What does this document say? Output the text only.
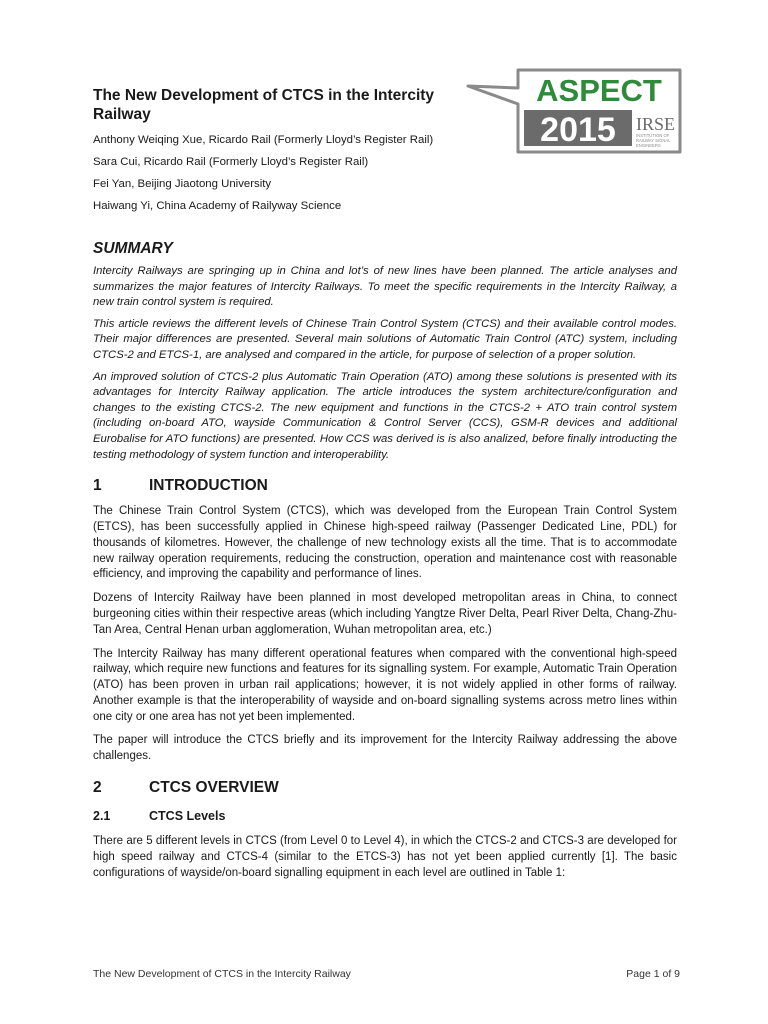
The New Development of CTCS in the Intercity Railway
Anthony Weiqing Xue, Ricardo Rail (Formerly Lloyd’s Register Rail)
Sara Cui, Ricardo Rail (Formerly Lloyd’s Register Rail)
Fei Yan, Beijing Jiaotong University
Haiwang Yi, China Academy of Railyway Science
ASPECT
2015 IRSE
INSTITUTION OF
RAILWAY SIGNAL
ENGINEERS
SUMMARY

Intercity Railways are springing up in China and lot’s of new lines have been planned. The article analyses and summarizes the major features of Intercity Railways. To meet the specific requirements in the Intercity Railway, a new train control system is required.

This article reviews the different levels of Chinese Train Control System (CTCS) and their available control modes. Their major differences are presented. Several main solutions of Automatic Train Control (ATC) system, including CTCS-2 and ETCS-1, are analysed and compared in the article, for purpose of selection of a proper solution.

An improved solution of CTCS-2 plus Automatic Train Operation (ATO) among these solutions is presented with its advantages for Intercity Railway application. The article introduces the system architecture/configuration and changes to the existing CTCS-2. The new equipment and functions in the CTCS-2 + ATO train control system (including on-board ATO, wayside Communication & Control Server (CCS), GSM-R devices and additional Eurobalise for ATO functions) are presented. How CCS was derived is is also analized, before finally introducting the testing methodology of system function and interoperability.

1	INTRODUCTION

The Chinese Train Control System (CTCS), which was developed from the European Train Control System (ETCS), has been successfully applied in Chinese high-speed railway (Passenger Dedicated Line, PDL) for thousands of kilometres. However, the challenge of new technology exists all the time. That is to accommodate new railway operation requirements, reducing the construction, operation and maintenance cost with reasonable efficiency, and improving the capability and performance of lines.

Dozens of Intercity Railway have been planned in most developed metropolitan areas in China, to connect burgeoning cities within their respective areas (which including Yangtze River Delta, Pearl River Delta, Chang-Zhu-Tan Area, Central Henan urban agglomeration, Wuhan metropolitan area, etc.)

The Intercity Railway has many different operational features when compared with the conventional high-speed railway, which require new functions and features for its signalling system. For example, Automatic Train Operation (ATO) has been proven in urban rail applications; however, it is not widely applied in other forms of railway. Another example is that the interoperability of wayside and on-board signalling systems across metro lines within one city or one area has not yet been implemented.

The paper will introduce the CTCS briefly and its improvement for the Intercity Railway addressing the above challenges.

2	CTCS OVERVIEW
2.1	CTCS Levels

There are 5 different levels in CTCS (from Level 0 to Level 4), in which the CTCS-2 and CTCS-3 are developed for high speed railway and CTCS-4 (similar to the ETCS-3) has not yet been applied currently [1]. The basic configurations of wayside/on-board signalling equipment in each level are outlined in Table 1:

The New Development of CTCS in the Intercity Railway	Page 1 of 9
